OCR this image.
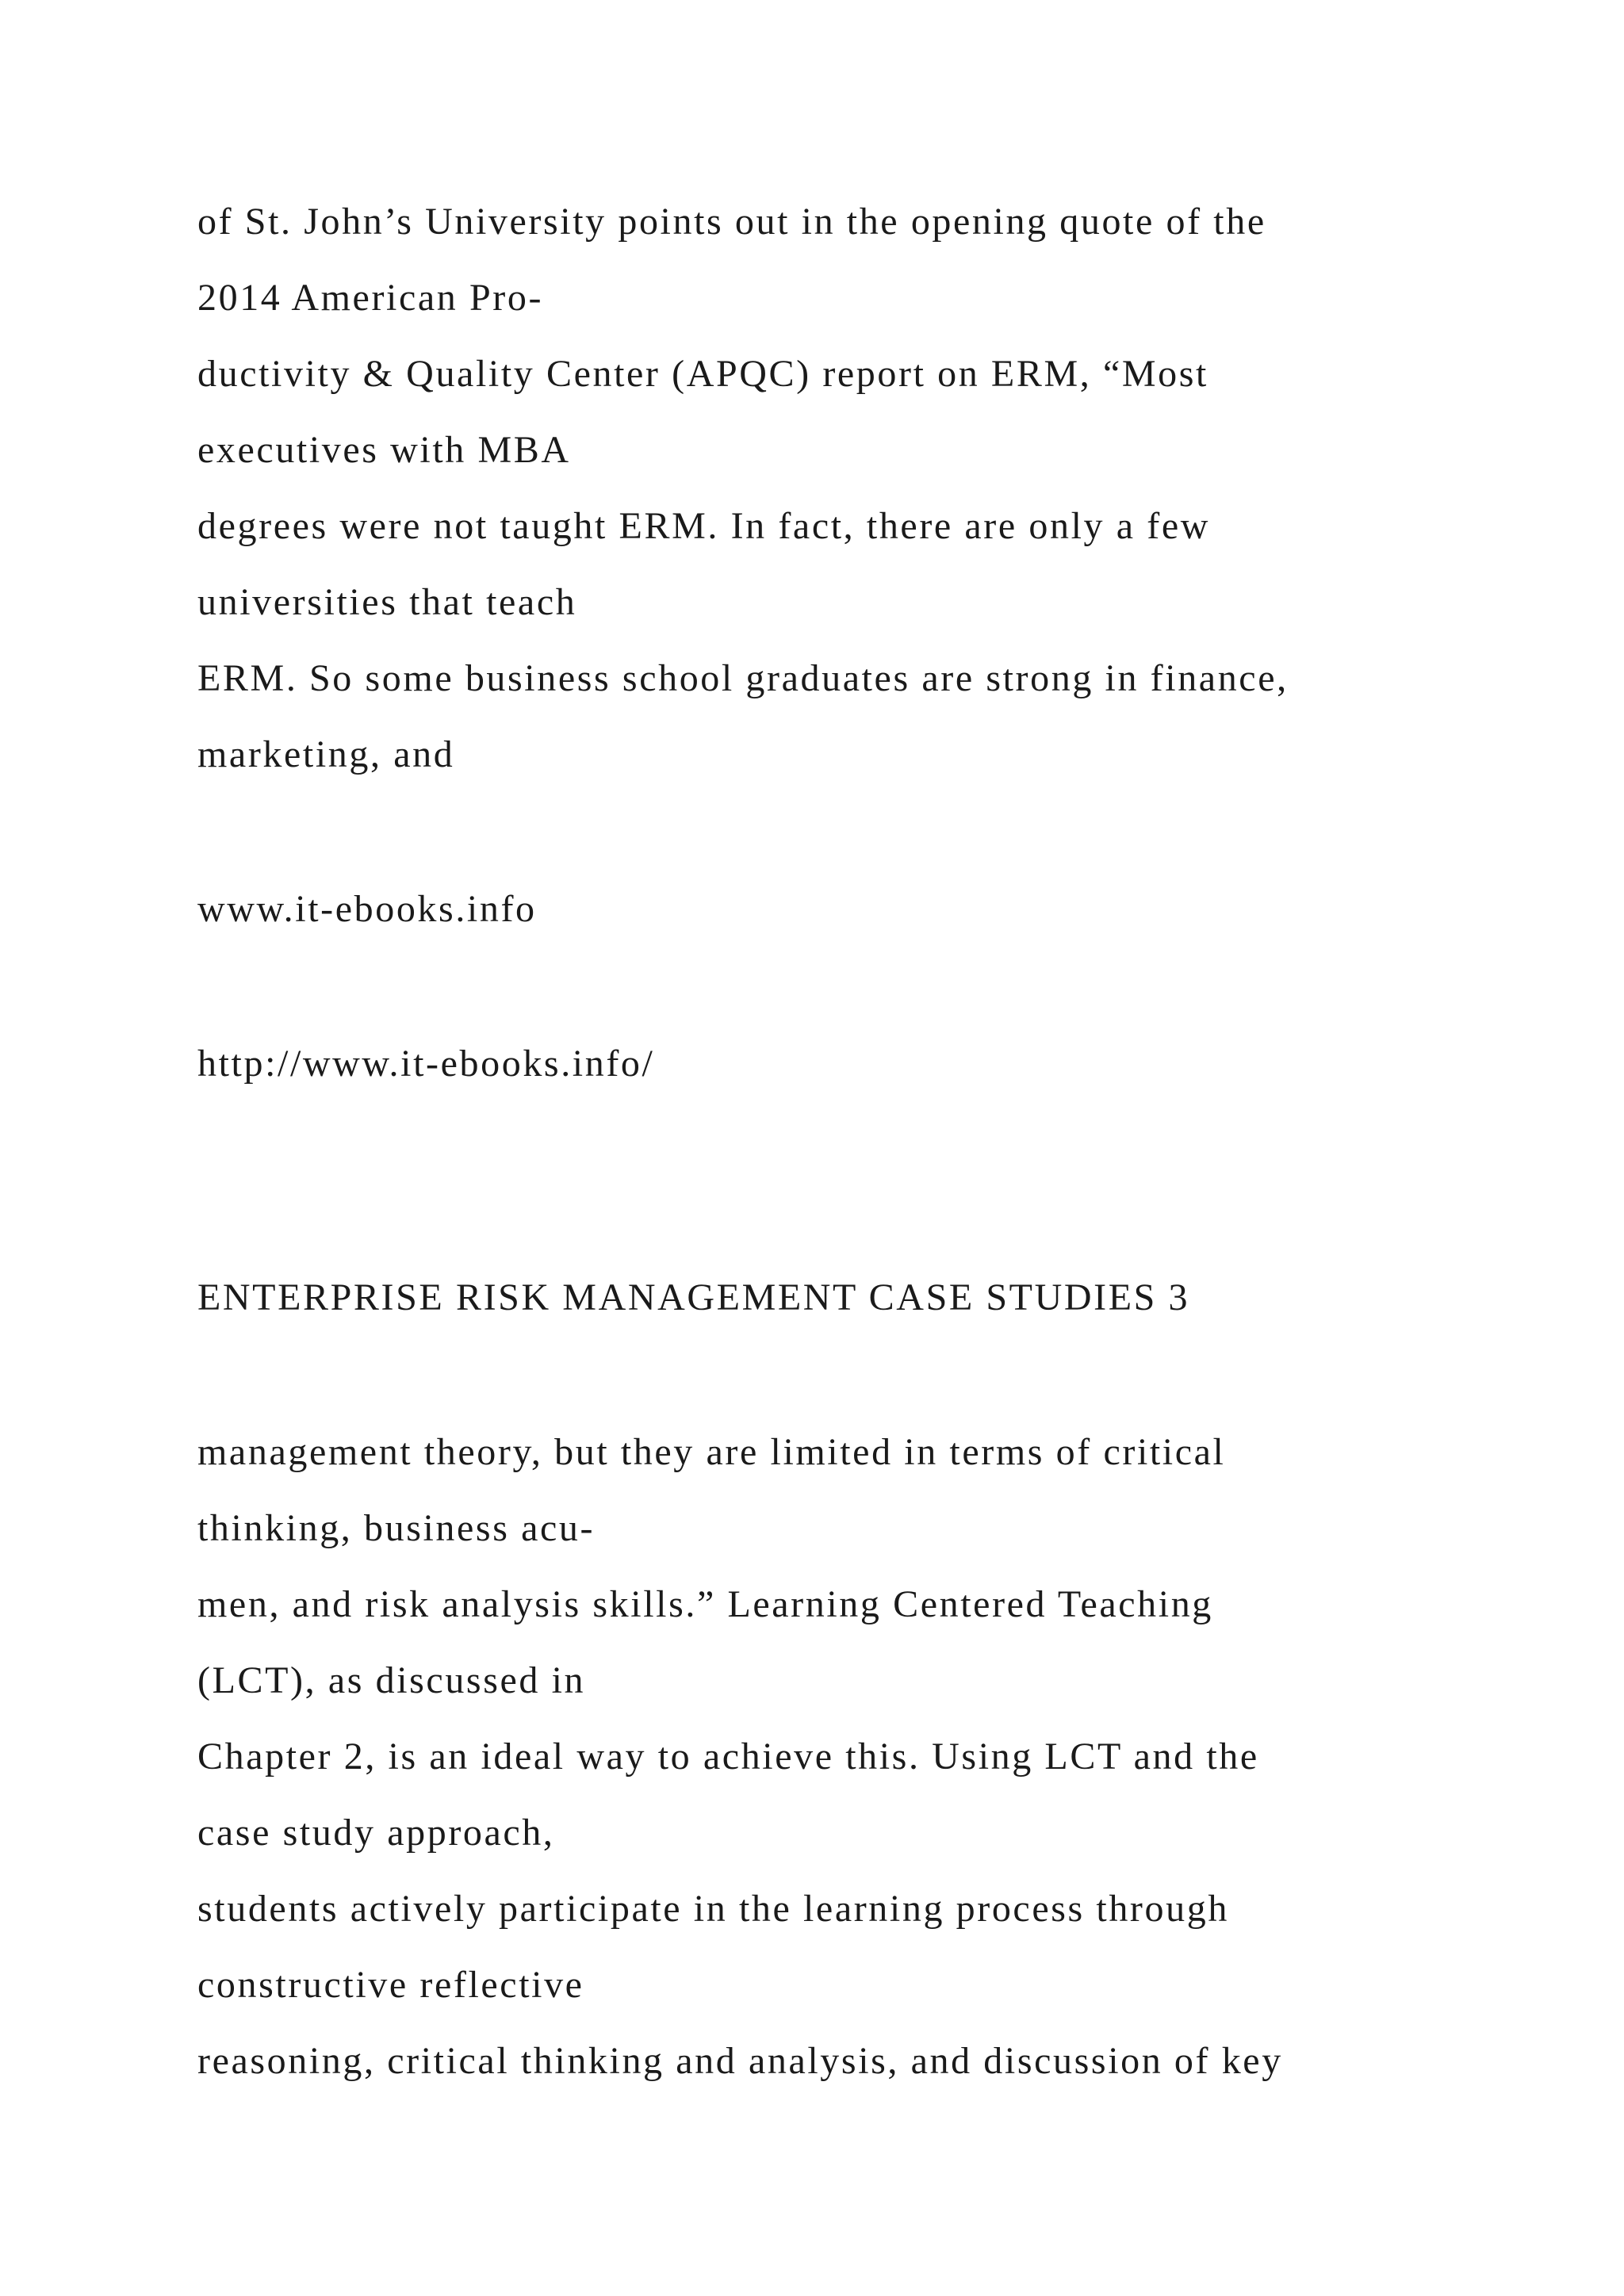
of St. John’s University points out in the opening quote of the

2014 American Pro-

ductivity & Quality Center (APQC) report on ERM, “Most

executives with MBA

degrees were not taught ERM. In fact, there are only a few

universities that teach

ERM. So some business school graduates are strong in finance,

marketing, and

www.it-ebooks.info

http://www.it-ebooks.info/

ENTERPRISE RISK MANAGEMENT CASE STUDIES 3

management theory, but they are limited in terms of critical

thinking, business acu-

men, and risk analysis skills.” Learning Centered Teaching

(LCT), as discussed in

Chapter 2, is an ideal way to achieve this. Using LCT and the

case study approach,

students actively participate in the learning process through

constructive reflective

reasoning, critical thinking and analysis, and discussion of key
